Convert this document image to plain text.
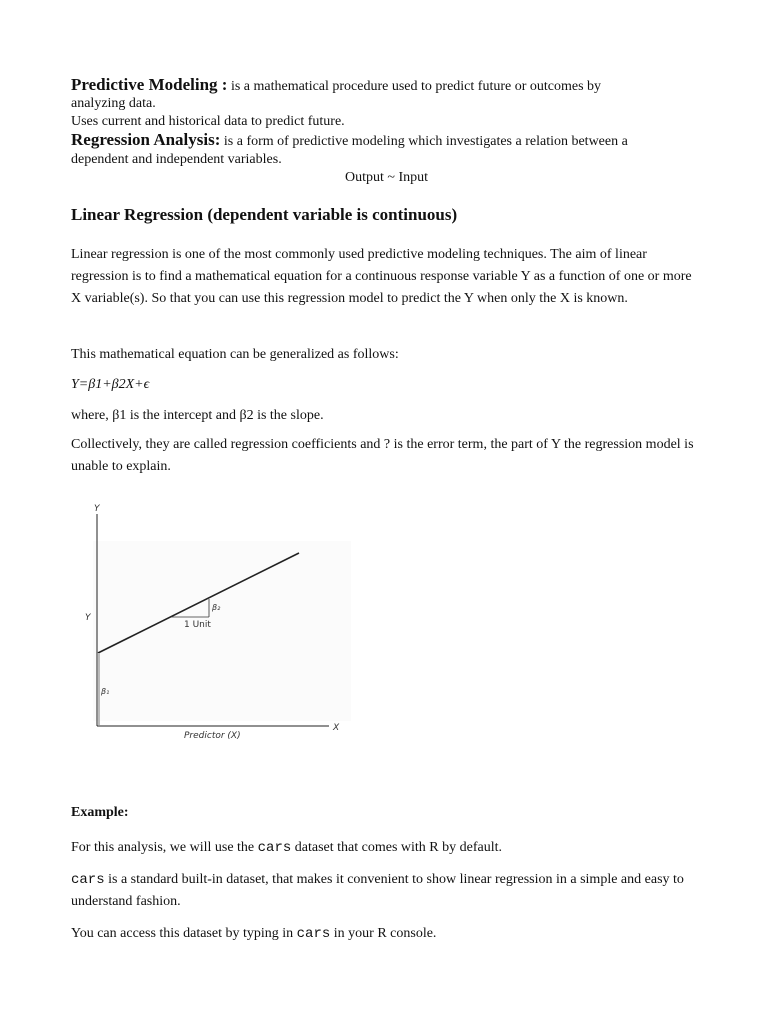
Predictive Modeling : is a mathematical procedure used to predict future or outcomes by
analyzing data.
Uses current and historical data to predict future.
Regression Analysis: is a form of predictive modeling which investigates a relation between a
dependent and independent variables.
Output ~ Input
Linear Regression (dependent variable is continuous)
Linear regression is one of the most commonly used predictive modeling techniques. The aim of linear regression is to find a mathematical equation for a continuous response variable Y as a function of one or more X variable(s). So that you can use this regression model to predict the Y when only the X is known.
This mathematical equation can be generalized as follows:
Y=β1+β2X+ϵ
where, β1 is the intercept and β2 is the slope.
Collectively, they are called regression coefficients and ? is the error term, the part of Y the regression model is unable to explain.
Y
Y
X
Predictor (X)
1 Unit
β₂
β₁
Example:
For this analysis, we will use the cars dataset that comes with R by default.
cars is a standard built-in dataset, that makes it convenient to show linear regression in a simple and easy to understand fashion.
You can access this dataset by typing in cars in your R console.
